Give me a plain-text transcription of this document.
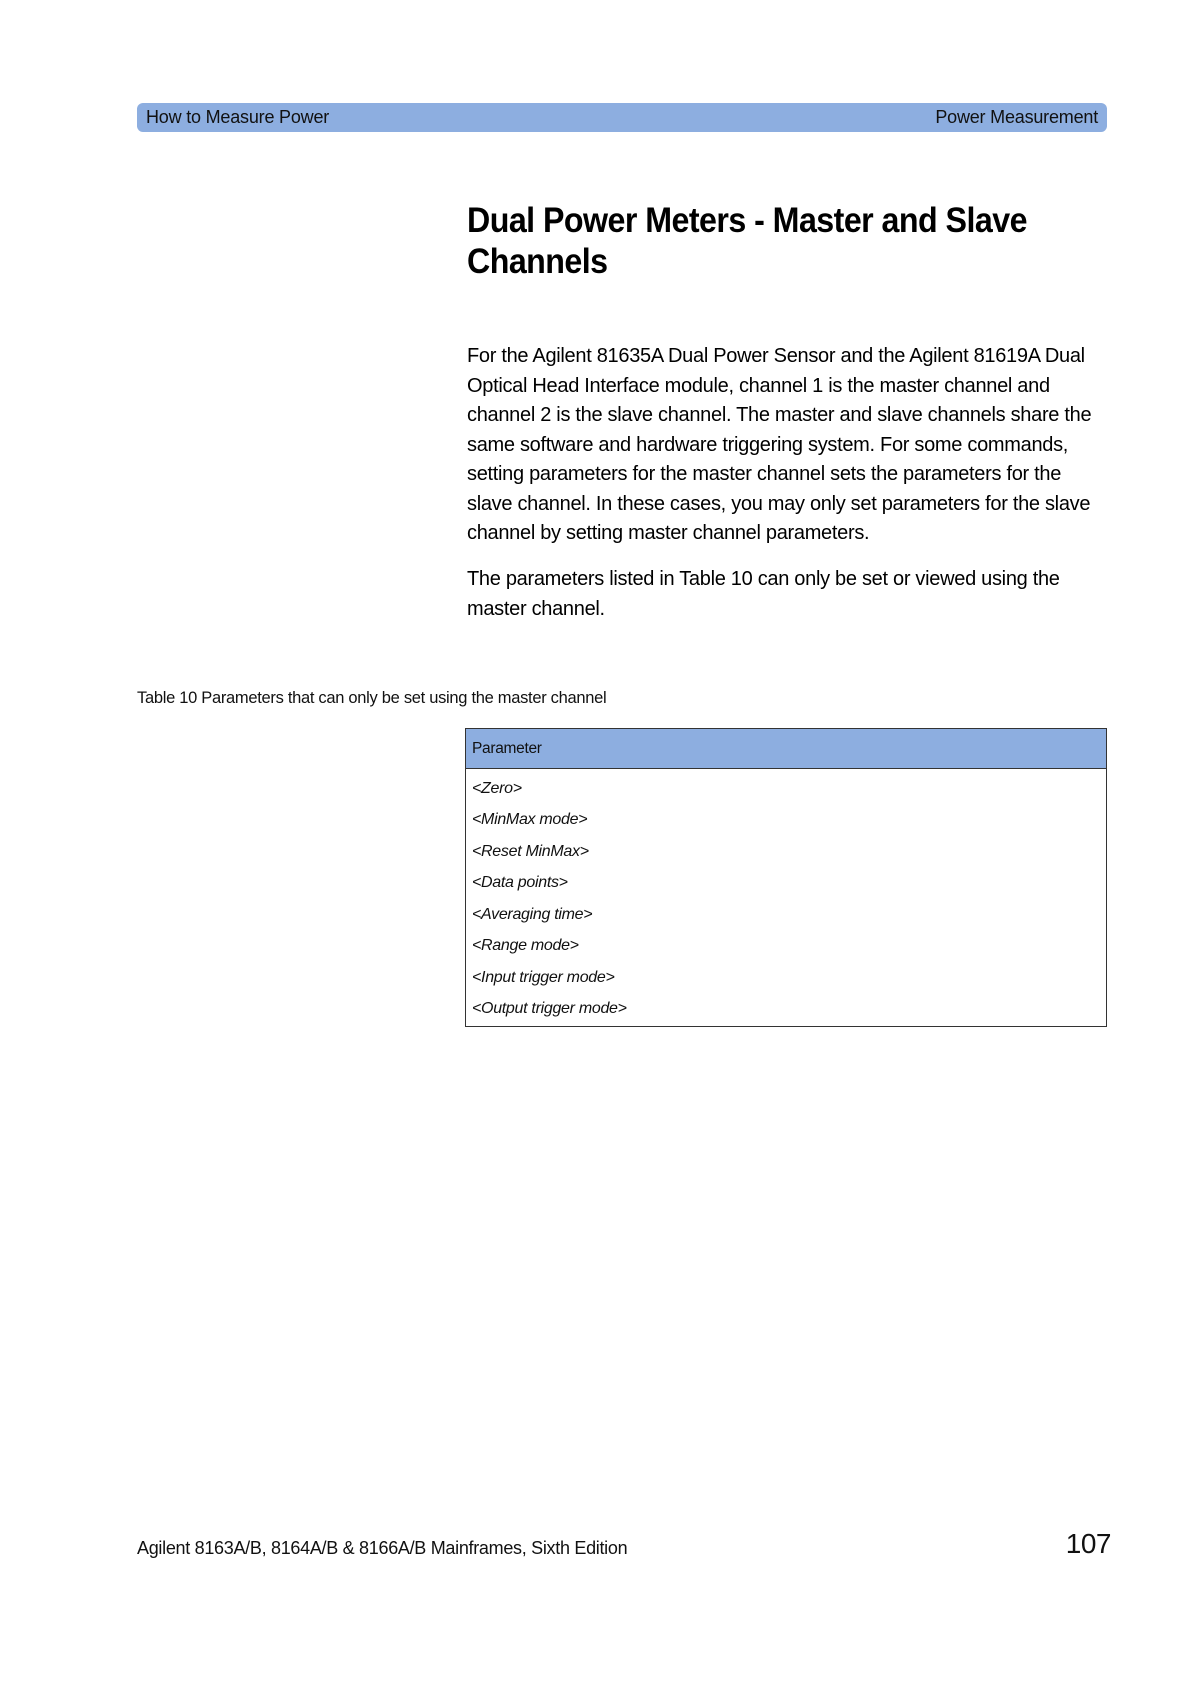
How to Measure Power	Power Measurement
Dual Power Meters - Master and Slave Channels

For the Agilent 81635A Dual Power Sensor and the Agilent 81619A Dual Optical Head Interface module, channel 1 is the master channel and channel 2 is the slave channel. The master and slave channels share the same software and hardware triggering system. For some commands, setting parameters for the master channel sets the parameters for the slave channel. In these cases, you may only set parameters for the slave channel by setting master channel parameters.

The parameters listed in Table 10 can only be set or viewed using the master channel.

Table 10 Parameters that can only be set using the master channel

Parameter
<Zero>
<MinMax mode>
<Reset MinMax>
<Data points>
<Averaging time>
<Range mode>
<Input trigger mode>
<Output trigger mode>

Agilent 8163A/B, 8164A/B & 8166A/B Mainframes, Sixth Edition	107
